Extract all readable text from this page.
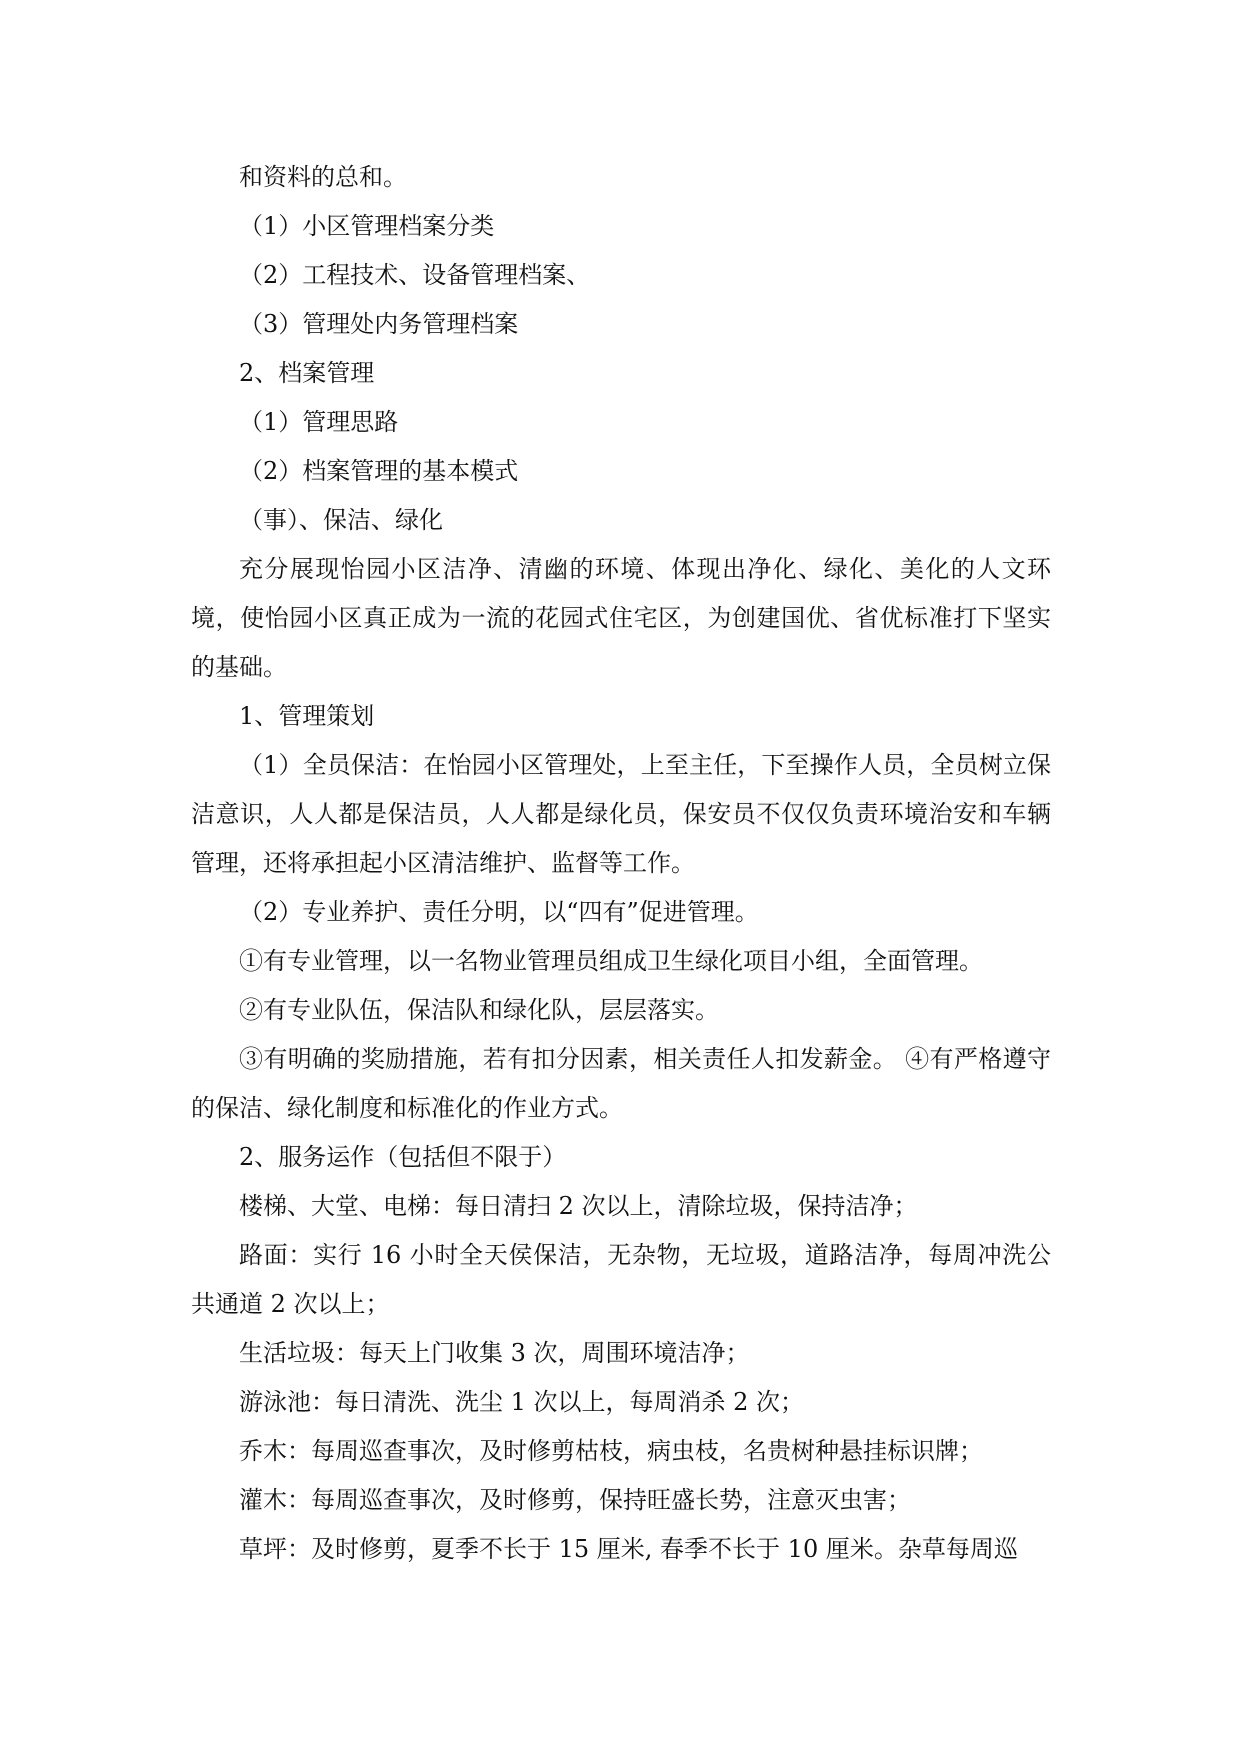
和资料的总和。

（1）小区管理档案分类

（2）工程技术、设备管理档案、

（3）管理处内务管理档案

2、档案管理

（1）管理思路

（2）档案管理的基本模式

（事）、保洁、绿化

充分展现怡园小区洁净、清幽的环境、体现出净化、绿化、美化的人文环境，使怡园小区真正成为一流的花园式住宅区，为创建国优、省优标准打下坚实的基础。

1、管理策划

（1）全员保洁：在怡园小区管理处，上至主任，下至操作人员，全员树立保洁意识，人人都是保洁员，人人都是绿化员，保安员不仅仅负责环境治安和车辆管理，还将承担起小区清洁维护、监督等工作。

（2）专业养护、责任分明，以“四有”促进管理。

①有专业管理，以一名物业管理员组成卫生绿化项目小组，全面管理。

②有专业队伍，保洁队和绿化队，层层落实。

③有明确的奖励措施，若有扣分因素，相关责任人扣发薪金。 ④有严格遵守的保洁、绿化制度和标准化的作业方式。

2、服务运作（包括但不限于）

楼梯、大堂、电梯：每日清扫 2 次以上，清除垃圾，保持洁净；

路面：实行 16 小时全天侯保洁，无杂物，无垃圾，道路洁净，每周冲洗公共通道 2 次以上；

生活垃圾：每天上门收集 3 次，周围环境洁净；

游泳池：每日清洗、洗尘 1 次以上，每周消杀 2 次；

乔木：每周巡查事次，及时修剪枯枝，病虫枝，名贵树种悬挂标识牌；

灌木：每周巡查事次，及时修剪，保持旺盛长势，注意灭虫害；

草坪：及时修剪，夏季不长于 15 厘米, 春季不长于 10 厘米。杂草每周巡
